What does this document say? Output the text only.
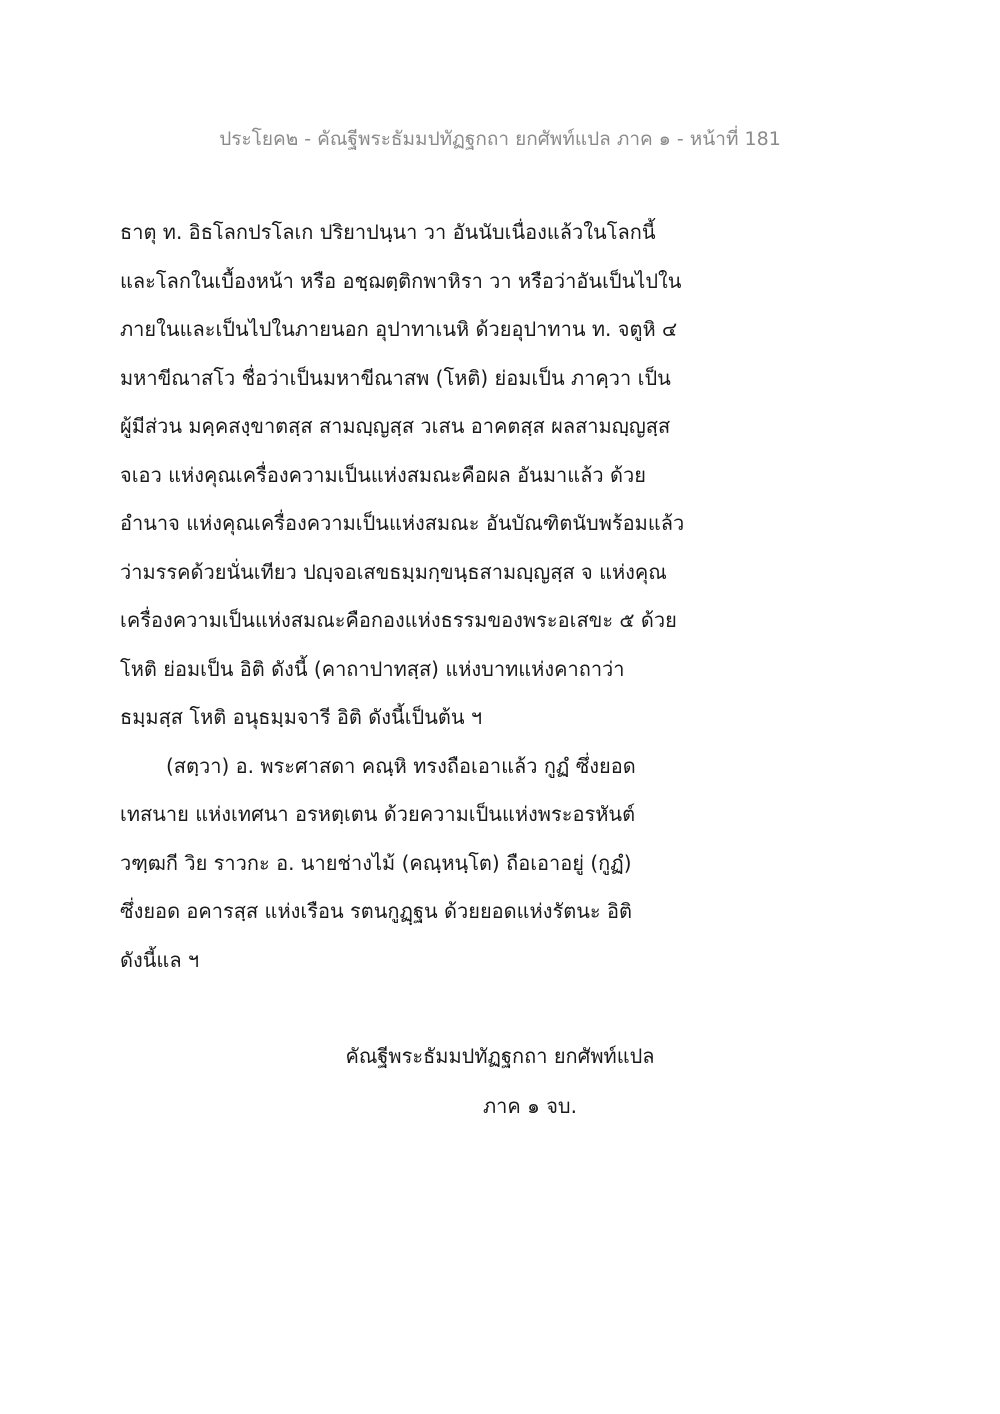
ประโยค๒ - คัณฐีพระธัมมปทัฏฐกถา ยกศัพท์แปล ภาค ๑ - หน้าที่ 181
ธาตุ ท. อิธโลกปรโลเก ปริยาปนฺนา วา อันนับเนื่องแล้วในโลกนี้
และโลกในเบื้องหน้า หรือ อชฺฌตฺติกพาหิรา วา หรือว่าอันเป็นไปใน
ภายในและเป็นไปในภายนอก อุปาทาเนหิ ด้วยอุปาทาน ท. จตูหิ ๔
มหาขีณาสโว ชื่อว่าเป็นมหาขีณาสพ (โหติ) ย่อมเป็น ภาคฺวา เป็น
ผู้มีส่วน มคฺคสงฺขาตสฺส สามญฺญสฺส วเสน อาคตสฺส ผลสามญฺญสฺส
จเอว แห่งคุณเครื่องความเป็นแห่งสมณะคือผล อันมาแล้ว ด้วย
อำนาจ แห่งคุณเครื่องความเป็นแห่งสมณะ อันบัณฑิตนับพร้อมแล้ว
ว่ามรรคด้วยนั่นเทียว ปญฺจอเสขธมฺมกฺขนฺธสามญฺญสฺส จ แห่งคุณ
เครื่องความเป็นแห่งสมณะคือกองแห่งธรรมของพระอเสขะ ๕ ด้วย
โหติ ย่อมเป็น อิติ ดังนี้ (คาถาปาทสฺส) แห่งบาทแห่งคาถาว่า
ธมฺมสฺส โหติ อนุธมฺมจารี อิติ ดังนี้เป็นต้น ฯ
(สตฺวา) อ. พระศาสดา คณฺหิ ทรงถือเอาแล้ว กูฏํ ซึ่งยอด
เทสนาย แห่งเทศนา อรหตฺเตน ด้วยความเป็นแห่งพระอรหันต์
วฑฺฒกี วิย ราวกะ อ. นายช่างไม้ (คณฺหนฺโต) ถือเอาอยู่ (กูฏํ)
ซึ่งยอด อคารสฺส แห่งเรือน รตนกูฏฺฐน ด้วยยอดแห่งรัตนะ อิติ
ดังนี้แล ฯ
คัณฐีพระธัมมปทัฏฐกถา ยกศัพท์แปล
ภาค ๑ จบ.
